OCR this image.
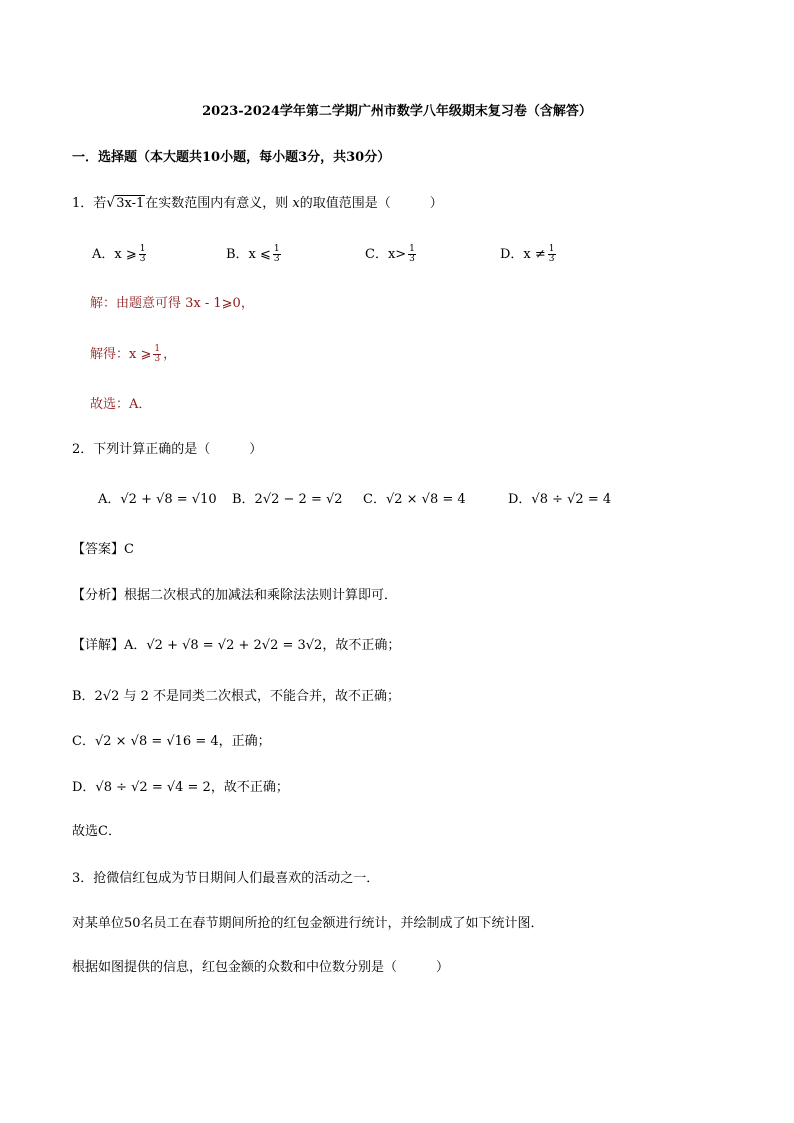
2023-2024学年第二学期广州市数学八年级期末复习卷（含解答）
一．选择题（本大题共10小题，每小题3分，共30分）
1．若√3x-1在实数范围内有意义，则 x的取值范围是（　　　）
A．x ⩾ $\frac{1}{3}$	B．x ⩽ $\frac{1}{3}$	C．$x> \frac{1}{3}$	D．$x \ne \frac{1}{3}$
解：由题意可得 3x - 1⩾0，
解得：x ⩾ $\frac{1}{3}$ ，
故选：A．
2．下列计算正确的是（　　　）
A．√2 + √8 = √10 B．2√2 − 2 = √2 C．√2 × √8 = 4	D．√8 ÷ √2 = 4
【答案】C
【分析】根据二次根式的加减法和乘除法法则计算即可．
【详解】A．√2 + √8 = √2 + 2√2 = 3√2，故不正确；
B．2√2 与 2 不是同类二次根式，不能合并，故不正确；
C．√2 × √8 = √16 = 4，正确；
D．√8 ÷ √2 = √4 = 2，故不正确；
故选C．
3．抢微信红包成为节日期间人们最喜欢的活动之一．
对某单位50名员工在春节期间所抢的红包金额进行统计，并绘制成了如下统计图．
根据如图提供的信息，红包金额的众数和中位数分别是（　　　）
